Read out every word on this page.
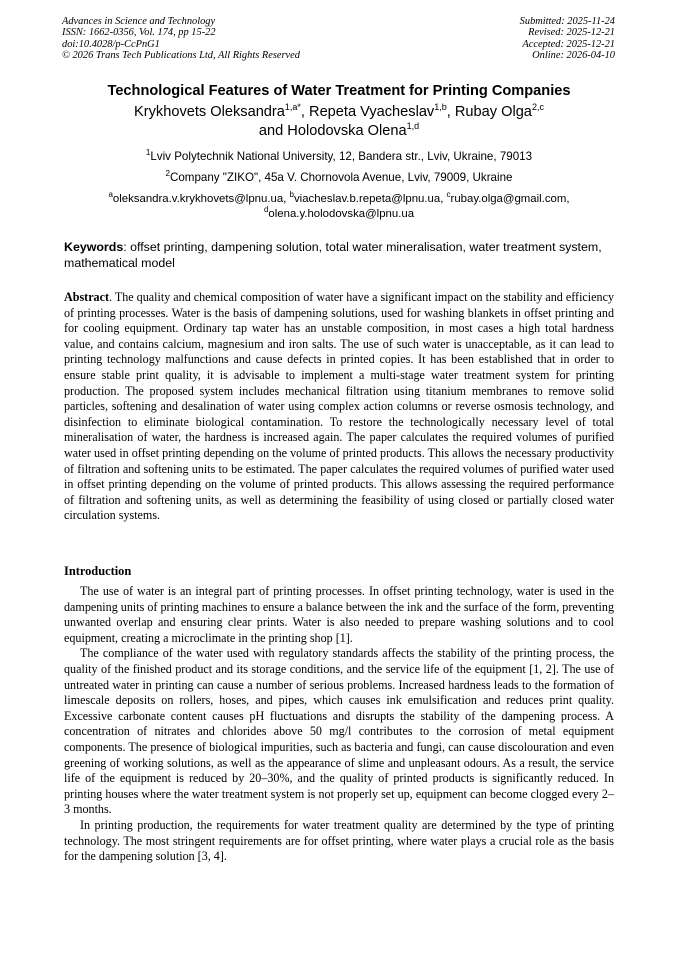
Advances in Science and Technology
ISSN: 1662-0356, Vol. 174, pp 15-22
doi:10.4028/p-CcPnG1
© 2026 Trans Tech Publications Ltd, All Rights Reserved
Submitted: 2025-11-24
Revised: 2025-12-21
Accepted: 2025-12-21
Online: 2026-04-10
Technological Features of Water Treatment for Printing Companies
Krykhovets Oleksandra$^{1,a*}$, Repeta Vyacheslav$^{1,b}$, Rubay Olga$^{2,c}$
and Holodovska Olena$^{1,d}$
$^1$Lviv Polytechnik National University, 12, Bandera str., Lviv, Ukraine, 79013
$^2$Company "ZIKO", 45a V. Chornovola Avenue, Lviv, 79009, Ukraine
$^a$oleksandra.v.krykhovets@lpnu.ua, $^b$viacheslav.b.repeta@lpnu.ua, $^c$rubay.olga@gmail.com,
$^d$olena.y.holodovska@lpnu.ua
Keywords: offset printing, dampening solution, total water mineralisation, water treatment system, mathematical model
Abstract. The quality and chemical composition of water have a significant impact on the stability and efficiency of printing processes. Water is the basis of dampening solutions, used for washing blankets in offset printing and for cooling equipment. Ordinary tap water has an unstable composition, in most cases a high total hardness value, and contains calcium, magnesium and iron salts. The use of such water is unacceptable, as it can lead to printing technology malfunctions and cause defects in printed copies. It has been established that in order to ensure stable print quality, it is advisable to implement a multi-stage water treatment system for printing production. The proposed system includes mechanical filtration using titanium membranes to remove solid particles, softening and desalination of water using complex action columns or reverse osmosis technology, and disinfection to eliminate biological contamination. To restore the technologically necessary level of total mineralisation of water, the hardness is increased again. The paper calculates the required volumes of purified water used in offset printing depending on the volume of printed products. This allows the necessary productivity of filtration and softening units to be estimated. The paper calculates the required volumes of purified water used in offset printing depending on the volume of printed products. This allows assessing the required performance of filtration and softening units, as well as determining the feasibility of using closed or partially closed water circulation systems.
Introduction

The use of water is an integral part of printing processes. In offset printing technology, water is used in the dampening units of printing machines to ensure a balance between the ink and the surface of the form, preventing unwanted overlap and ensuring clear prints. Water is also needed to prepare washing solutions and to cool equipment, creating a microclimate in the printing shop [1].

The compliance of the water used with regulatory standards affects the stability of the printing process, the quality of the finished product and its storage conditions, and the service life of the equipment [1, 2]. The use of untreated water in printing can cause a number of serious problems. Increased hardness leads to the formation of limescale deposits on rollers, hoses, and pipes, which causes ink emulsification and reduces print quality. Excessive carbonate content causes pH fluctuations and disrupts the stability of the dampening process. A concentration of nitrates and chlorides above 50 mg/l contributes to the corrosion of metal equipment components. The presence of biological impurities, such as bacteria and fungi, can cause discolouration and even greening of working solutions, as well as the appearance of slime and unpleasant odours. As a result, the service life of the equipment is reduced by 20–30%, and the quality of printed products is significantly reduced. In printing houses where the water treatment system is not properly set up, equipment can become clogged every 2–3 months.

In printing production, the requirements for water treatment quality are determined by the type of printing technology. The most stringent requirements are for offset printing, where water plays a crucial role as the basis for the dampening solution [3, 4].
